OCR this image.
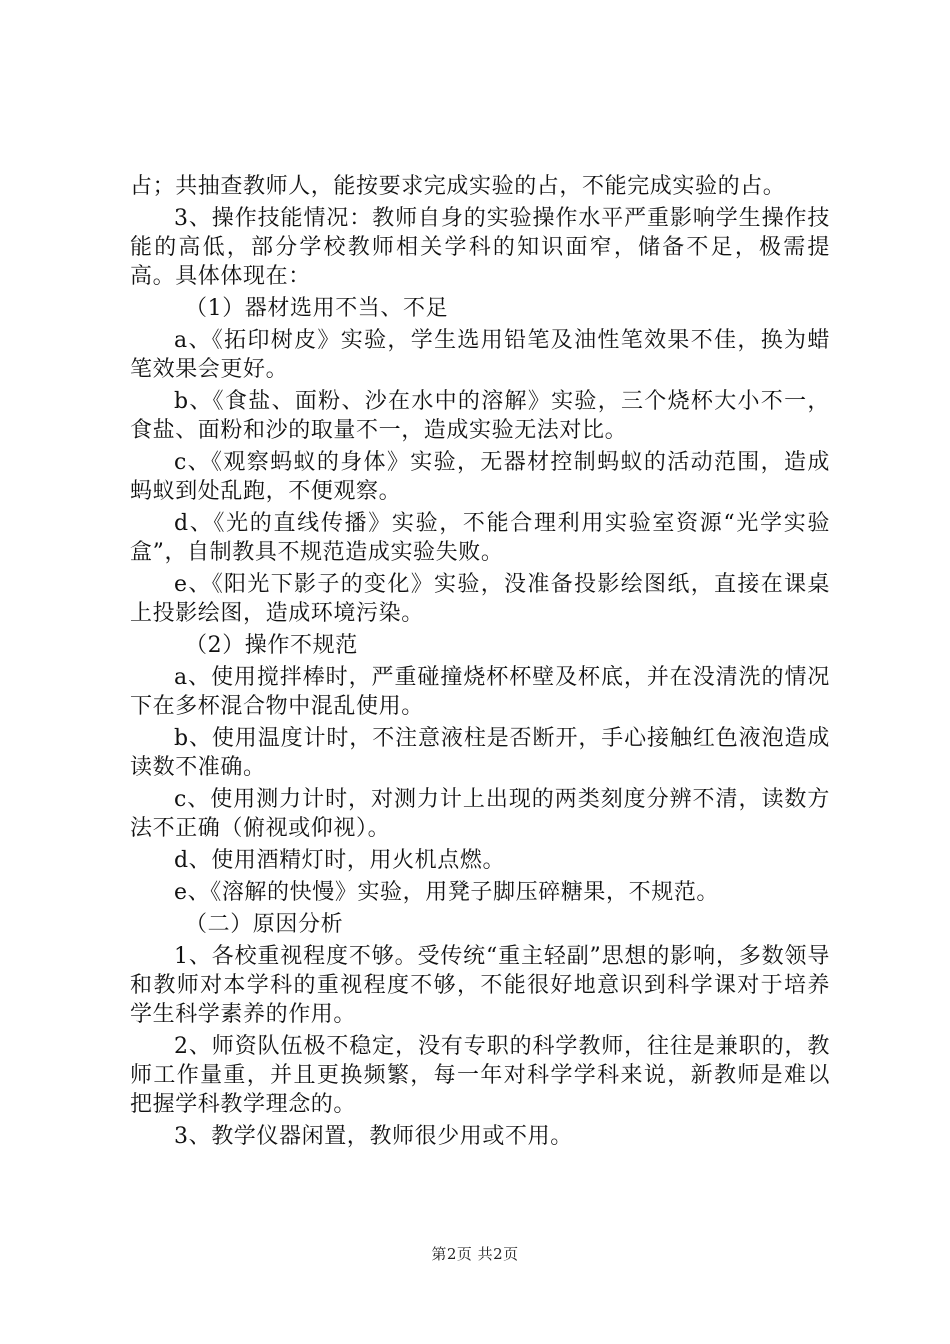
占；共抽查教师人，能按要求完成实验的占，不能完成实验的占。

3、操作技能情况：教师自身的实验操作水平严重影响学生操作技能的高低，部分学校教师相关学科的知识面窄，储备不足，极需提高。具体体现在：

（1）器材选用不当、不足

a、《拓印树皮》实验，学生选用铅笔及油性笔效果不佳，换为蜡笔效果会更好。

b、《食盐、面粉、沙在水中的溶解》实验，三个烧杯大小不一，食盐、面粉和沙的取量不一，造成实验无法对比。

c、《观察蚂蚁的身体》实验，无器材控制蚂蚁的活动范围，造成蚂蚁到处乱跑，不便观察。

d、《光的直线传播》实验，不能合理利用实验室资源“光学实验盒”，自制教具不规范造成实验失败。

e、《阳光下影子的变化》实验，没准备投影绘图纸，直接在课桌上投影绘图，造成环境污染。

（2）操作不规范

a、使用搅拌棒时，严重碰撞烧杯杯壁及杯底，并在没清洗的情况下在多杯混合物中混乱使用。

b、使用温度计时，不注意液柱是否断开，手心接触红色液泡造成读数不准确。

c、使用测力计时，对测力计上出现的两类刻度分辨不清，读数方法不正确（俯视或仰视）。

d、使用酒精灯时，用火机点燃。

e、《溶解的快慢》实验，用凳子脚压碎糖果，不规范。

（二）原因分析

1、各校重视程度不够。受传统“重主轻副”思想的影响，多数领导和教师对本学科的重视程度不够，不能很好地意识到科学课对于培养学生科学素养的作用。

2、师资队伍极不稳定，没有专职的科学教师，往往是兼职的，教师工作量重，并且更换频繁，每一年对科学学科来说，新教师是难以把握学科教学理念的。

3、教学仪器闲置，教师很少用或不用。

第2页 共2页
